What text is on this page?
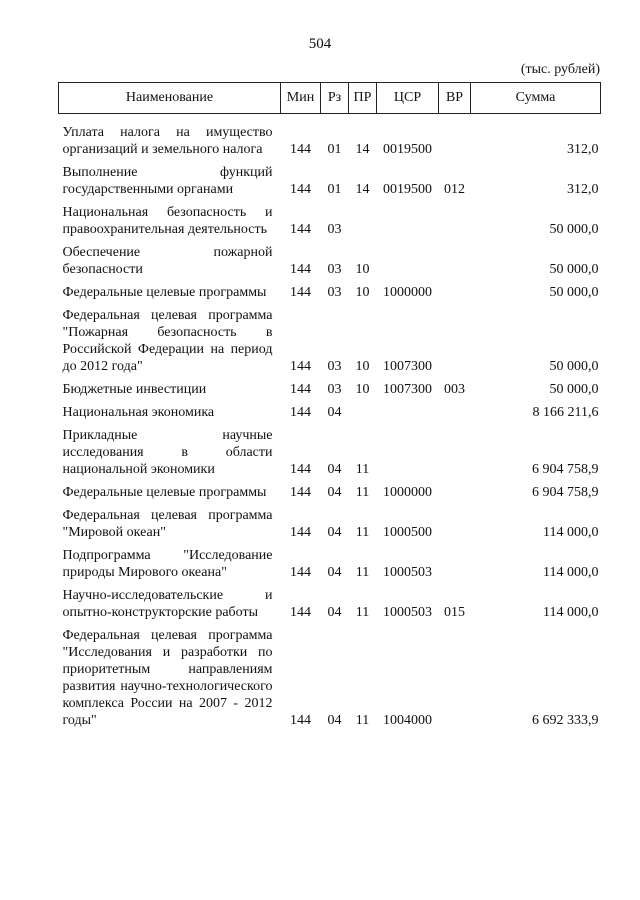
504
(тыс. рублей)
Наименование	Мин	Рз	ПР	ЦСР	ВР	Сумма
Уплата налога на имущество организаций и земельного налога	144	01	14	0019500		312,0
Выполнение функций государственными органами	144	01	14	0019500	012	312,0
Национальная безопасность и правоохранительная деятельность	144	03				50 000,0
Обеспечение пожарной безопасности	144	03	10			50 000,0
Федеральные целевые программы	144	03	10	1000000		50 000,0
Федеральная целевая программа "Пожарная безопасность в Российской Федерации на период до 2012 года"	144	03	10	1007300		50 000,0
Бюджетные инвестиции	144	03	10	1007300	003	50 000,0
Национальная экономика	144	04				8 166 211,6
Прикладные научные исследования в области национальной экономики	144	04	11			6 904 758,9
Федеральные целевые программы	144	04	11	1000000		6 904 758,9
Федеральная целевая программа "Мировой океан"	144	04	11	1000500		114 000,0
Подпрограмма "Исследование природы Мирового океана"	144	04	11	1000503		114 000,0
Научно-исследовательские и опытно-конструкторские работы	144	04	11	1000503	015	114 000,0
Федеральная целевая программа "Исследования и разработки по приоритетным направлениям развития научно-технологического комплекса России на 2007 - 2012 годы"	144	04	11	1004000		6 692 333,9
